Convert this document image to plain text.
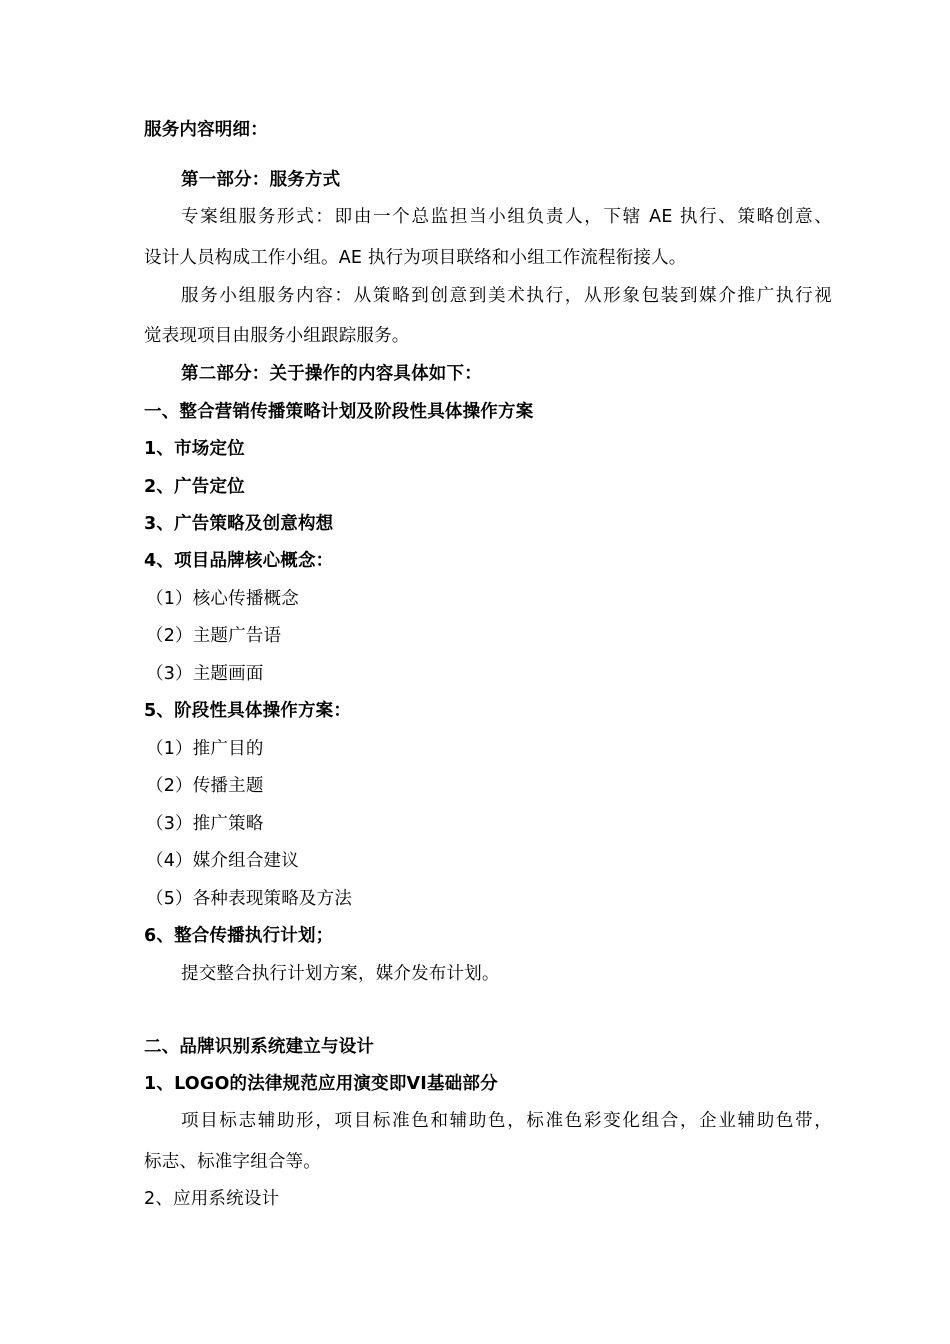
服务内容明细：
第一部分：服务方式
专案组服务形式：即由一个总监担当小组负责人，下辖 AE 执行、策略创意、
设计人员构成工作小组。AE 执行为项目联络和小组工作流程衔接人。
服务小组服务内容：从策略到创意到美术执行，从形象包装到媒介推广执行视
觉表现项目由服务小组跟踪服务。
第二部分：关于操作的内容具体如下：
一、整合营销传播策略计划及阶段性具体操作方案
1、市场定位
2、广告定位
3、广告策略及创意构想
4、项目品牌核心概念：
（1）核心传播概念
（2）主题广告语
（3）主题画面
5、阶段性具体操作方案：
（1）推广目的
（2）传播主题
（3）推广策略
（4）媒介组合建议
（5）各种表现策略及方法
6、整合传播执行计划；
提交整合执行计划方案，媒介发布计划。
二、品牌识别系统建立与设计
1、LOGO的法律规范应用演变即VI基础部分
项目标志辅助形，项目标准色和辅助色，标准色彩变化组合，企业辅助色带，
标志、标准字组合等。
2、应用系统设计
